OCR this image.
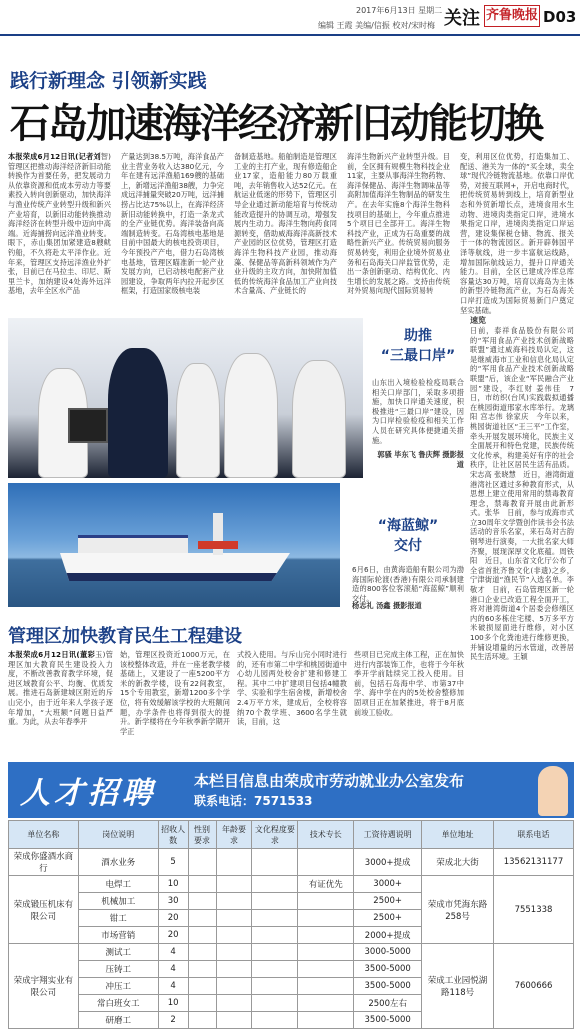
2017年6月13日 星期二
编辑 王霞 美编/信振 校对/宋时梅 关注 齐鲁晚报 D03
践行新理念 引领新实践
石岛加速海洋经济新旧动能切换
本报荣成6月12日讯(记者刘智)管理区把推动海洋经济新旧动能转换作为首要任务，把发展动力从依靠资源和低成本劳动力等要素投入转向创新驱动，加快海洋与渔业传统产业转型升级和新兴产业培育，以新旧动能转换推动海洋经济在转型升级中迈向中高端。近海捕捞向远洋渔业转变。眼下，赤山集团加紧建造8艘鱿钓船，不久将赴太平洋作业。近年来，管理区支持远洋渔业外扩张，目前已在马拉圭、印尼、斯里兰卡，加纳建设4处海外远洋基地，去年全区水产品
产量达到38.5万吨，海洋食品产业主营业务收入达380亿元，今年在建有远洋渔船169艘的基础上，新增远洋渔船38艘，力争完成远洋捕量突破20万吨，远洋捕捞占比达75%以上，在海洋经济新旧动能转换中，打造一条龙式的全产业链优势。海洋装备向高端制造转变。石岛湾核电基地是目前中国最大的核电投资项目，今年预投产产电，借力石岛湾核电基地，管理区瞄准新一轮产业发展方向，已启动核电配套产业园建设，争取两年内拉开起步区框架，打造国家级核电装
备制造基地。船舶制造是管理区工业的主打产业，现有修造船企业17家，造船能力80万载重吨，去年销售收入达52亿元。在航运业低迷的形势下，管理区引导企业通过新动能培育与传统动能改造提升的协调互动，增强发展内生动力。海洋生物向药食同源转变，借助威海海洋高新技术产业园的区位优势，管理区打造海洋生物科技产业园，推动海藻、保健品等高新科领域作为产业升级的主攻方向，加快附加值低的传统海洋食品加工产业向技术含量高、产业链长的
海洋生物新兴产业转型升级。目前，全区拥有规模生物科技企业11家，主要从事海洋生物药物、海洋保健品、海洋生物调味品等高附加值海洋生物制品的研发生产。在去年实施8个海洋生物科技项目的基础上，今年重点推进5个项目已全部开工。海洋生物科技产业，正成为石岛重要的战略性新兴产业。传统贸易向服务贸易转变，利用企业境外贸易业务和石岛海关口岸监管优势，走出一条创新驱动、结构优化、内生增长的发展之路。支持由传统对外贸易向现代国际贸易转
变，利用区位优势，打造集加工、配送、港关为一体的“买全球，卖全球”现代冷链物流基地。依靠口岸优势，对接互联网+，开启电商时代，把传统贸易转到线上，培育新型业态和外贸新增长点，进境食用水生动物、进境肉类指定口岸，进境水果指定口岸，进境肉类指定口岸运营，建设集保税仓储、物流、报关于一体的物流园区。新开辟韩国平泽等航线，进一步丰富航运线路，增加国际航线运力，提升口岸通关能力。目前，全区已建成冷库总库容量达30万吨，培育以海岛为主体的新型冷链物流产业，为石岛海关口岸打造成为国际贸易新门户奠定坚实基础。
助推
“三最口岸”
山东出入境检验检疫局联合相关口岸部门，采取多项措施，加快口岸通关速度，积极推进“三最口岸”建设，因为口岸检验检疫和相关工作人员在研究具体便捷通关措施。
郭骚 毕东飞 鲁庆辉 摄影报道
“海蓝鲸”
交付
6月6日，由黄海造船有限公司为渤海国际轮渡(香港)有限公司承制建造的800客位客滚船“海蓝鲸”顺利交付。
杨志礼 汤鑫 摄影报道
管理区加快教育民生工程建设
本报荣成6月12日讯(董彩玉)管理区加大教育民生建设投入力度，不断改善教育教学环境，促进区域教育公平、均衡、优质发展。推进石岛新建城区附近的斥山完小，由于近年来人学孩子逐年增加，“大班额”问题日益严重。为此，从去年春季开
始，管理区投资近1000万元，在该校整体改造，并在一座老教学楼基础上，又建设了一座5200平方米的新教学楼，设有22间教室，15个专用教室，新增1200多个学位，将有效缓解该学校的大班额问题，办学条件也将得到很大的提升。新学楼将在今年秋季新学期开学正
式投入使用。与斥山完小同时进行的，还有市第二中学和桃园街道中心幼儿园两处校舍扩建和修建工程。其中二中扩建项目包括4幢教学、实验和学生宿舍楼，新增校舍2.4万平方米，建成后，全校将容纳70个教学班、3600名学生就读，目前，这
些项目已完成主体工程，正在加快进行内部装饰工作，也将于今年秋季开学前陆续完工投入使用。目前，包括石岛海中学、市第37中学、海中学在内的5处校舍整修加固项目正在加紧推进，将于8月底前竣工验收。
速览
日前，泰祥食品股份有限公司的“军用食品产业技术创新战略联盟”通过威海科技局认定，这是继威海市工业和信息化局认定的“军用食品产业技术创新战略联盟”后，该企业“军民融合产业园”建设，李红财 姜伟佳　7日，市纺织(台风)实践载拟通播在桃园街道邢家水库举行。龙璃阳 宫志伟 徐家庆　今年以来，桃园街道社区“王三平”工作室，牵头开展发展环境化，民族主义全面展开和特色党建，民族传统文化传承，构建美好有序的社会秩序，让社区居民生活有品质。宋志高 张晓慧　近日，港湾街道港湾社区通过多种教育形式，从思想上建立使用常用的禁毒教育理念，禁毒教育开展由此新形式。张华　日前，参与成海市式立30周年文学暨创作读书会书法活动的音乐名家，来石岛对古韵钢琴进行演奏，一大批名家大师齐聚，展现深厚文化底蕴。周铁阳　近日，山东省文化厅公布了全省首批齐鲁文化(非遗)之乡，宁津街道“渔民节”入选名单。李敬才　日前，石岛管理区新一轮港口企业已改造工程全面开工，将对港湾街道4个居委会修缮区内的60多栋住宅楼、5万多平方米破损屋面进行维修，对小区100多个化粪池进行维修更换，并铺设增量的污水管道，改善居民生活环境。王颖
人才招聘	本栏目信息由荣成市劳动就业办公室发布
联系电话：7571533
单位名称	岗位说明	招收人数	性别要求	年龄要求	文化程度要求	技术专长	工资待遇说明	单位地址	联系电话
荣成你盛酒水商行	酒水业务	5					3000+提成	荣成北大街	13562131177
荣成锻压机床有限公司	电焊工	10				有证优先	3000+	荣成市凭海东路258号	7551338
	机械加工	30					2500+		
	钳工	20					2500+		
	市场营销	20					2000+提成		
荣成宇翔实业有限公司	测试工	4					3000-5000	荣成工业园悦湖路118号	7600666
	压铸工	4					3500-5000		
	冲压工	4					3500-5000		
	常白班女工	10					2500左右		
	研磨工	2					3500-5000		
